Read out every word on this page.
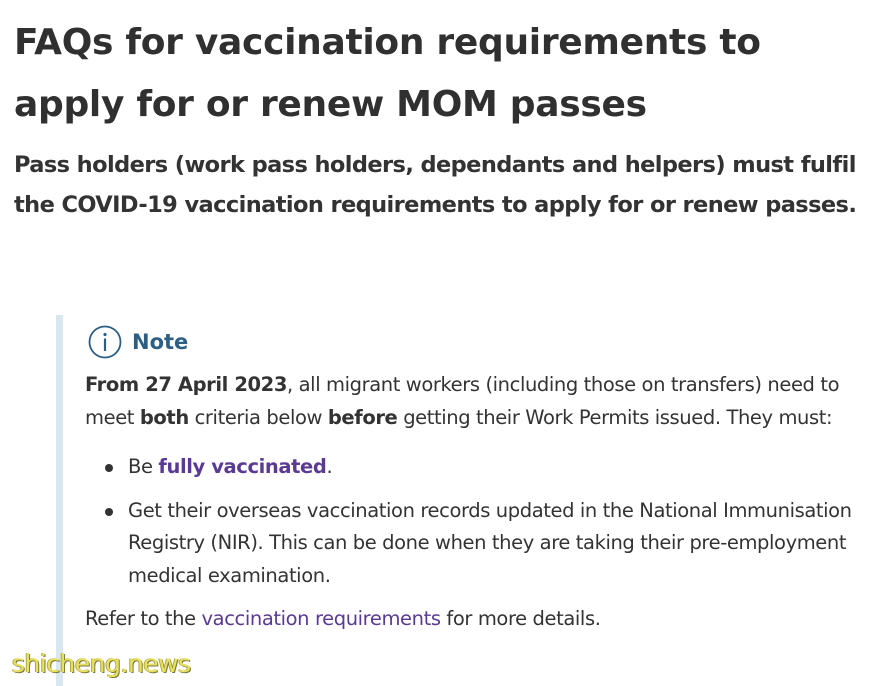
FAQs for vaccination requirements to apply for or renew MOM passes

Pass holders (work pass holders, dependants and helpers) must fulfil the COVID-19 vaccination requirements to apply for or renew passes.

Note

From 27 April 2023, all migrant workers (including those on transfers) need to meet both criteria below before getting their Work Permits issued. They must:

Be fully vaccinated.
Get their overseas vaccination records updated in the National Immunisation Registry (NIR). This can be done when they are taking their pre-employment medical examination.

Refer to the vaccination requirements for more details.

shicheng.news
